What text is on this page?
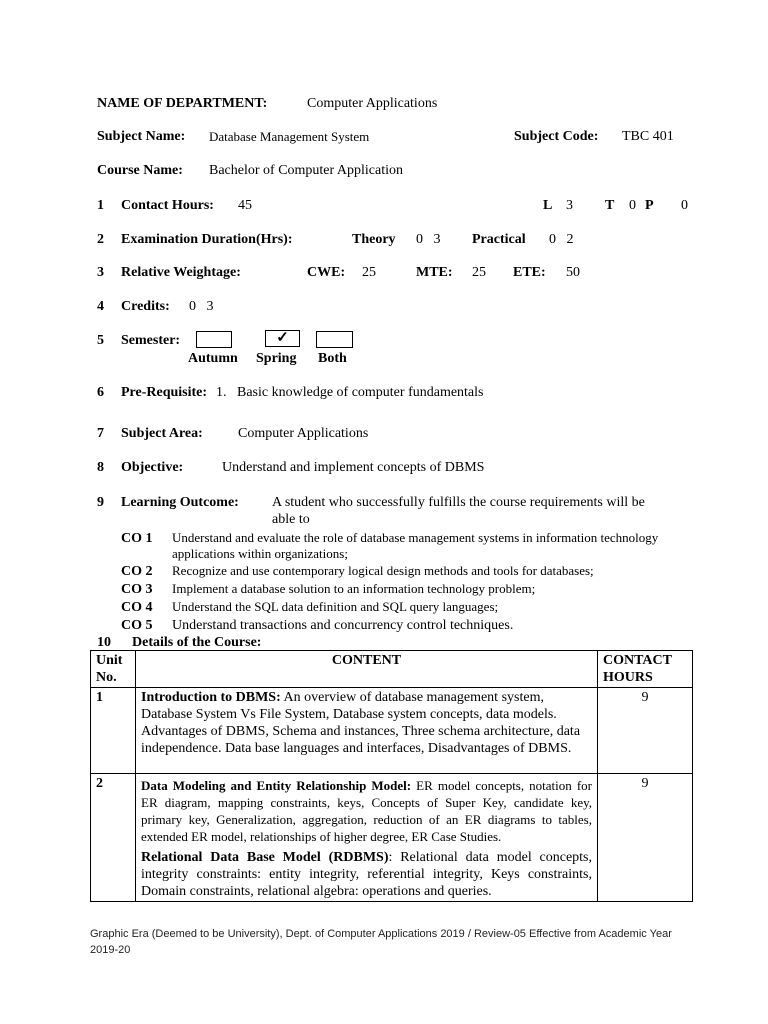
NAME OF DEPARTMENT:	Computer Applications
Subject Name: Database Management System	Subject Code: TBC 401
Course Name: Bachelor of Computer Application
1 Contact Hours: 45	L 3 T 0 P 0
2 Examination Duration(Hrs):	Theory 0   3 Practical 0   2
3 Relative Weightage:	CWE: 25	MTE: 25 ETE: 50
4 Credits: 0   3
5 Semester:	✓
Autumn Spring Both
6 Pre-Requisite: 1.   Basic knowledge of computer fundamentals
7 Subject Area:	Computer Applications
8 Objective:	Understand and implement concepts of DBMS
9 Learning Outcome: A student who successfully fulfills the course requirements will be
able to
CO 1 Understand and evaluate the role of database management systems in information technology
applications within organizations;
CO 2 Recognize and use contemporary logical design methods and tools for databases;
CO 3 Implement a database solution to an information technology problem;
CO 4 Understand the SQL data definition and SQL query languages;
CO 5 Understand transactions and concurrency control techniques.
10 Details of the Course:
Unit No.	CONTENT	CONTACT HOURS
1	Introduction to DBMS: An overview of database management system, Database System Vs File System, Database system concepts, data models. Advantages of DBMS, Schema and instances, Three schema architecture, data independence. Data base languages and interfaces, Disadvantages of DBMS.	9
2	Data Modeling and Entity Relationship Model: ER model concepts, notation for ER diagram, mapping constraints, keys, Concepts of Super Key, candidate key, primary key, Generalization, aggregation, reduction of an ER diagrams to tables, extended ER model, relationships of higher degree, ER Case Studies.
Relational Data Base Model (RDBMS): Relational data model concepts, integrity constraints: entity integrity, referential integrity, Keys constraints, Domain constraints, relational algebra: operations and queries.	9
Graphic Era (Deemed to be University), Dept. of Computer Applications 2019 / Review-05 Effective from Academic Year 2019-20
